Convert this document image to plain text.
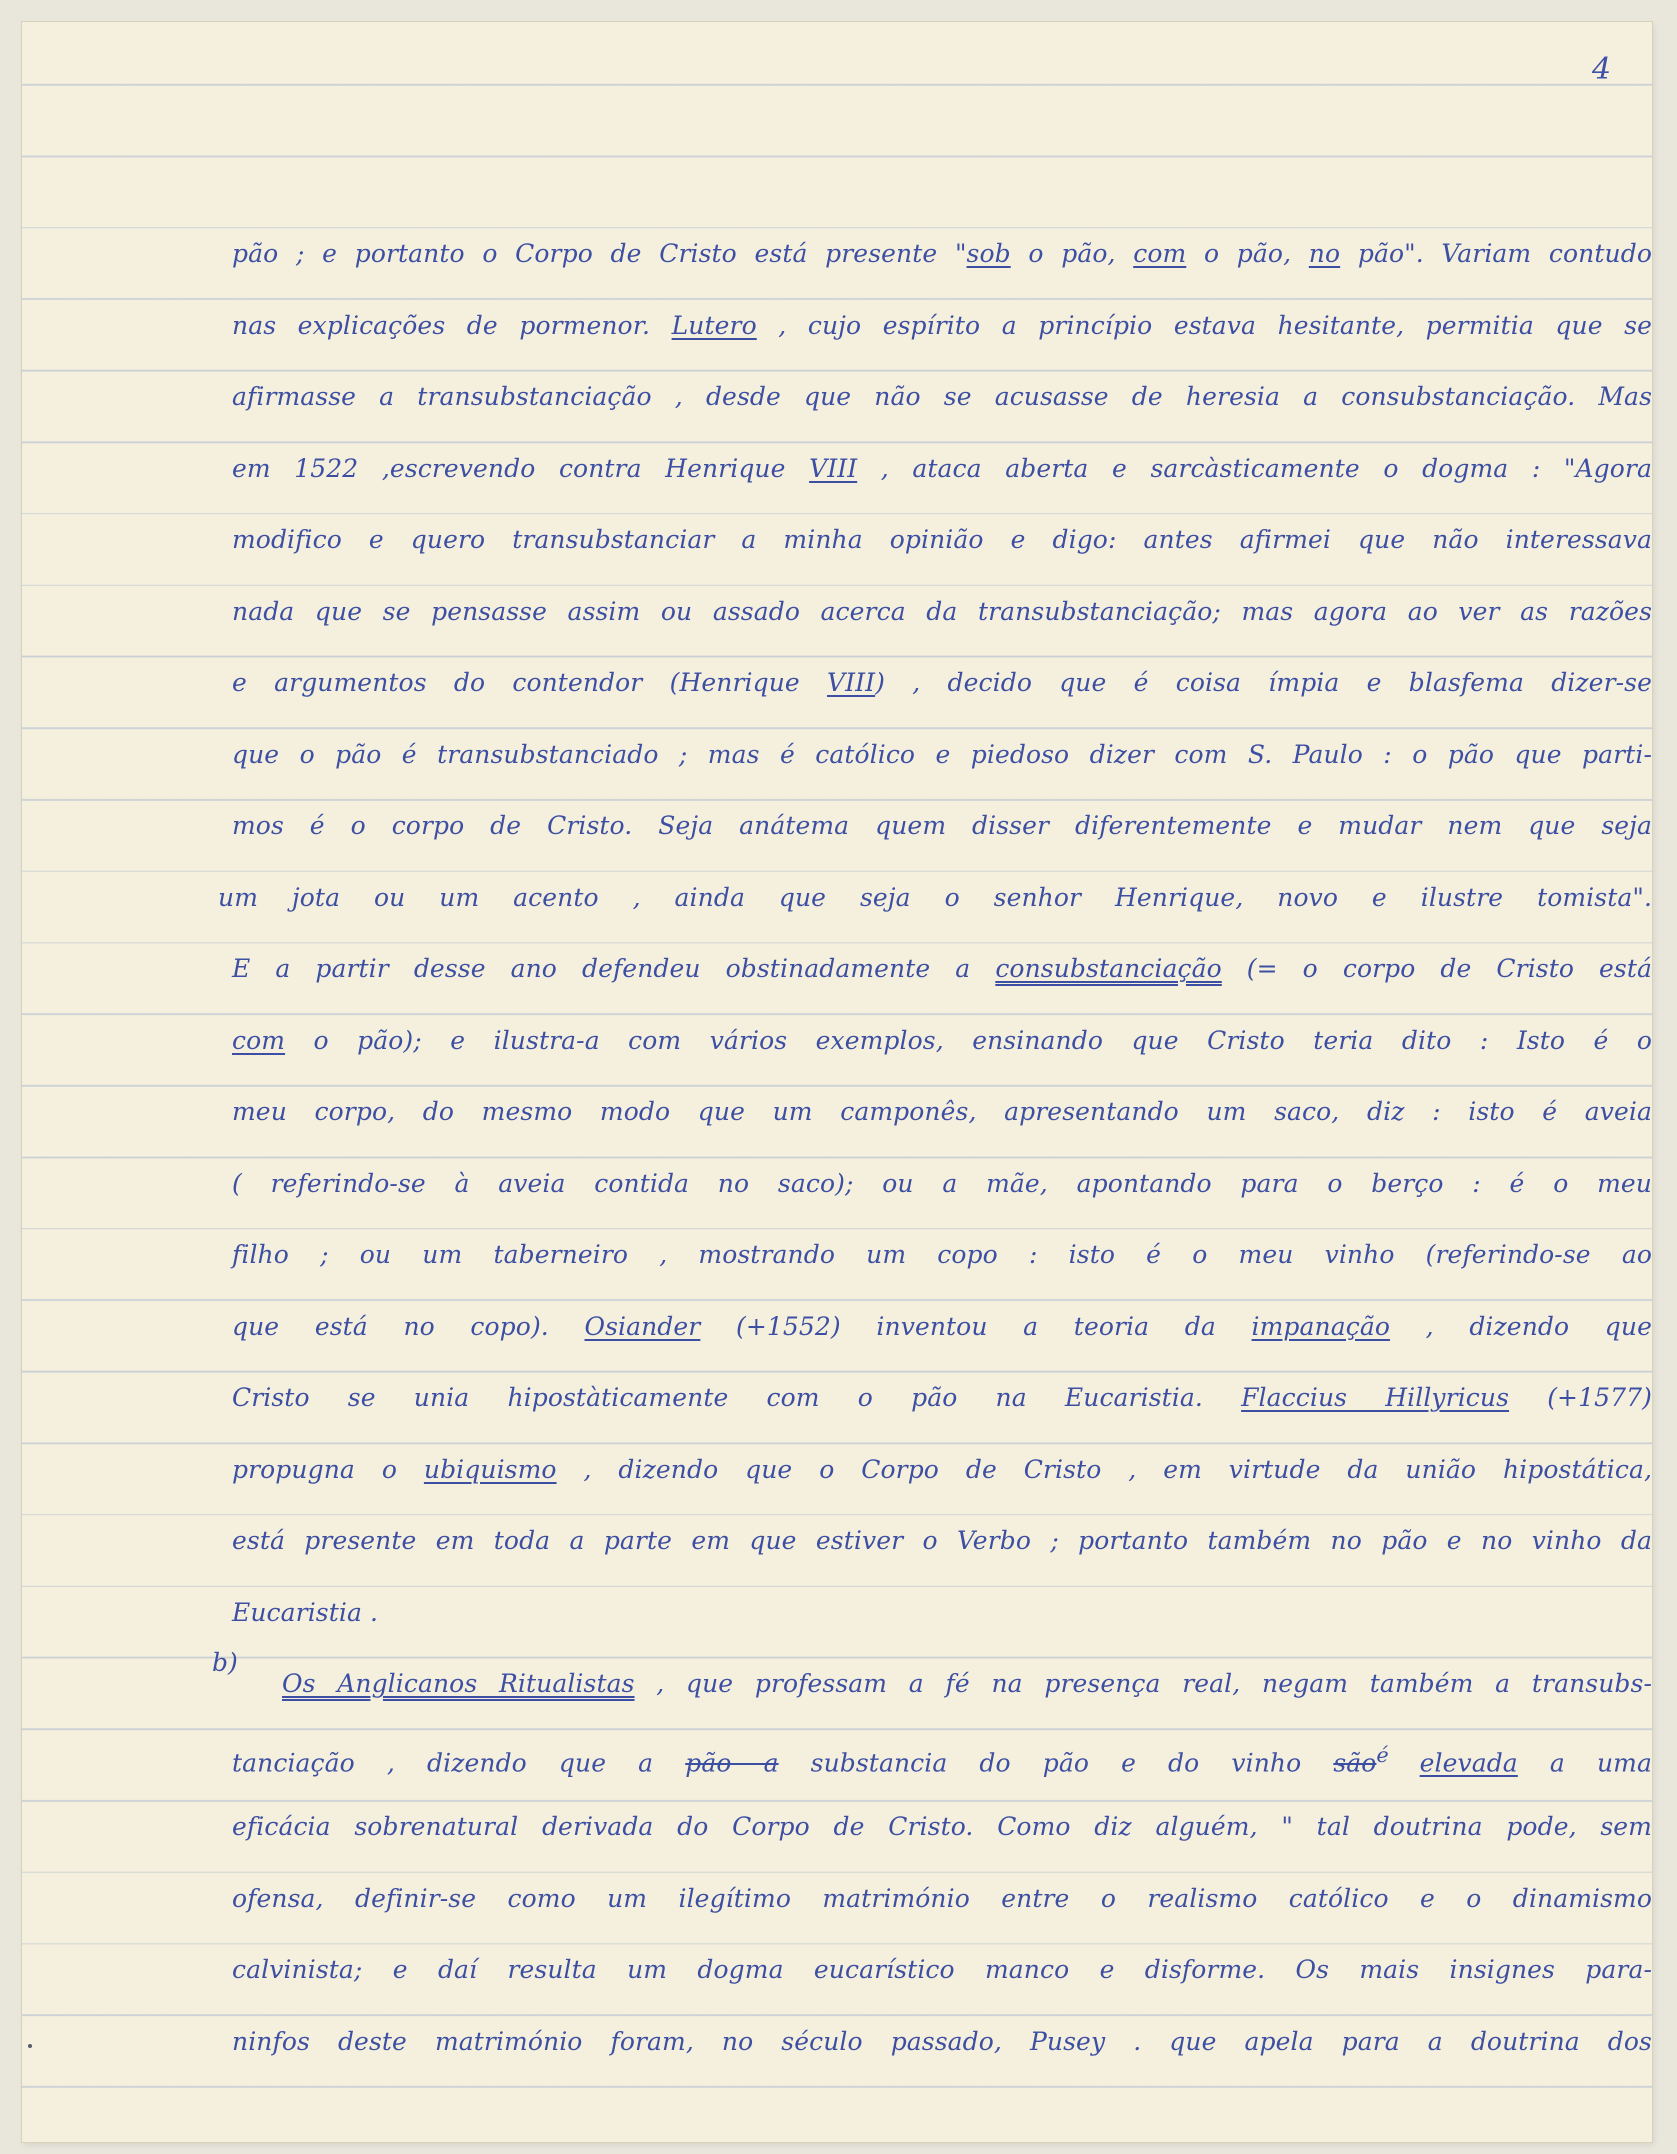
4
pão ; e portanto o Corpo de Cristo está presente "sob o pão, com o pão, no pão". Variam contudo
nas explicações de pormenor. Lutero , cujo espírito a princípio estava hesitante, permitia que se
afirmasse a transubstanciação , desde que não se acusasse de heresia a consubstanciação. Mas
em 1522 ,escrevendo contra Henrique VIII , ataca aberta e sarcàsticamente o dogma : "Agora
modifico e quero transubstanciar a minha opinião e digo: antes afirmei que não interessava
nada que se pensasse assim ou assado acerca da transubstanciação; mas agora ao ver as razões
e argumentos do contendor (Henrique VIII) , decido que é coisa ímpia e blasfema dizer-se
que o pão é transubstanciado ; mas é católico e piedoso dizer com S. Paulo : o pão que parti-
mos é o corpo de Cristo. Seja anátema quem disser diferentemente e mudar nem que seja
um jota ou um acento , ainda que seja o senhor Henrique, novo e ilustre tomista".
E a partir desse ano defendeu obstinadamente a consubstanciação (= o corpo de Cristo está
com o pão); e ilustra-a com vários exemplos, ensinando que Cristo teria dito : Isto é o
meu corpo, do mesmo modo que um camponês, apresentando um saco, diz : isto é aveia
( referindo-se à aveia contida no saco); ou a mãe, apontando para o berço : é o meu
filho ; ou um taberneiro , mostrando um copo : isto é o meu vinho (referindo-se ao
que está no copo). Osiander (+1552) inventou a teoria da impanação , dizendo que
Cristo se unia hipostàticamente com o pão na Eucaristia. Flaccius Hillyricus (+1577)
propugna o ubiquismo , dizendo que o Corpo de Cristo , em virtude da união hipostática,
está presente em toda a parte em que estiver o Verbo ; portanto também no pão e no vinho da
Eucaristia .
b)
Os Anglicanos Ritualistas , que professam a fé na presença real, negam também a transubs-
tanciação , dizendo que a pão a substancia do pão e do vinho são$^é$ elevada a uma
eficácia sobrenatural derivada do Corpo de Cristo. Como diz alguém, " tal doutrina pode, sem
ofensa, definir-se como um ilegítimo matrimónio entre o realismo católico e o dinamismo
calvinista; e daí resulta um dogma eucarístico manco e disforme. Os mais insignes para-
ninfos deste matrimónio foram, no século passado, Pusey . que apela para a doutrina dos
